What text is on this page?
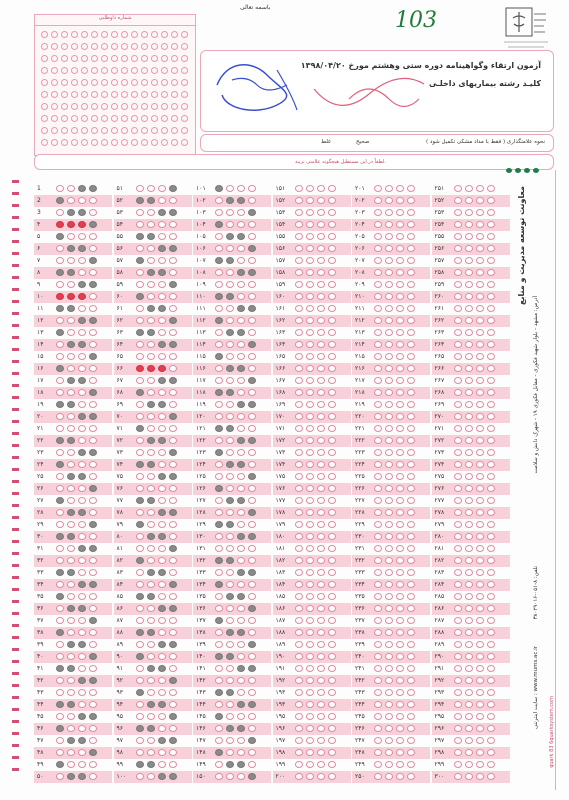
باسمه تعالی
103
شماره داوطلبی
آزمون ارتقاء وگواهینامه دوره ستی وهشتم مورخ ۱۳۹۸/۰۴/۲۰
کلیـد رشته بیماریهای داخلـی
نحوه علامتگذاری ( فقط با مداد مشکی تکمیل شود )
صحیح
غلط
لطفاً در این مستطیل هیچگونه علامتی نزنید.
1
2
3
۴
۵
۶
۷
۸
۹
۱۰
۱۱
۱۲
۱۳
۱۴
۱۵
۱۶
۱۷
۱۸
۱۹
۲۰
۲۱
۲۲
۲۳
۲۴
۲۵
۲۶
۲۷
۲۸
۲۹
۳۰
۳۱
۳۲
۳۳
۳۴
۳۵
۳۶
۳۷
۳۸
۳۹
۴۰
۴۱
۴۲
۴۳
۴۴
۴۵
۴۶
۴۷
۴۸
۴۹
۵۰
۵۱
۵۲
۵۳
۵۴
۵۵
۵۶
۵۷
۵۸
۵۹
۶۰
۶۱
۶۲
۶۳
۶۴
۶۵
۶۶
۶۷
۶۸
۶۹
۷۰
۷۱
۷۲
۷۳
۷۴
۷۵
۷۶
۷۷
۷۸
۷۹
۸۰
۸۱
۸۲
۸۳
۸۴
۸۵
۸۶
۸۷
۸۸
۸۹
۹۰
۹۱
۹۲
۹۳
۹۴
۹۵
۹۶
۹۷
۹۸
۹۹
۱۰۰
۱۰۱
۱۰۲
۱۰۳
۱۰۴
۱۰۵
۱۰۶
۱۰۷
۱۰۸
۱۰۹
۱۱۰
۱۱۱
۱۱۲
۱۱۳
۱۱۴
۱۱۵
۱۱۶
۱۱۷
۱۱۸
۱۱۹
۱۲۰
۱۲۱
۱۲۲
۱۲۳
۱۲۴
۱۲۵
۱۲۶
۱۲۷
۱۲۸
۱۲۹
۱۳۰
۱۳۱
۱۳۲
۱۳۳
۱۳۴
۱۳۵
۱۳۶
۱۳۷
۱۳۸
۱۳۹
۱۴۰
۱۴۱
۱۴۲
۱۴۳
۱۴۴
۱۴۵
۱۴۶
۱۴۷
۱۴۸
۱۴۹
۱۵۰
۱۵۱
۱۵۲
۱۵۳
۱۵۴
۱۵۵
۱۵۶
۱۵۷
۱۵۸
۱۵۹
۱۶۰
۱۶۱
۱۶۲
۱۶۳
۱۶۴
۱۶۵
۱۶۶
۱۶۷
۱۶۸
۱۶۹
۱۷۰
۱۷۱
۱۷۲
۱۷۳
۱۷۴
۱۷۵
۱۷۶
۱۷۷
۱۷۸
۱۷۹
۱۸۰
۱۸۱
۱۸۲
۱۸۳
۱۸۴
۱۸۵
۱۸۶
۱۸۷
۱۸۸
۱۸۹
۱۹۰
۱۹۱
۱۹۲
۱۹۳
۱۹۴
۱۹۵
۱۹۶
۱۹۷
۱۹۸
۱۹۹
۲۰۰
۲۰۱
۲۰۲
۲۰۳
۲۰۴
۲۰۵
۲۰۶
۲۰۷
۲۰۸
۲۰۹
۲۱۰
۲۱۱
۲۱۲
۲۱۳
۲۱۴
۲۱۵
۲۱۶
۲۱۷
۲۱۸
۲۱۹
۲۲۰
۲۲۱
۲۲۲
۲۲۳
۲۲۴
۲۲۵
۲۲۶
۲۲۷
۲۲۸
۲۲۹
۲۳۰
۲۳۱
۲۳۲
۲۳۳
۲۳۴
۲۳۵
۲۳۶
۲۳۷
۲۳۸
۲۳۹
۲۴۰
۲۴۱
۲۴۲
۲۴۳
۲۴۴
۲۴۵
۲۴۶
۲۴۷
۲۴۸
۲۴۹
۲۵۰
۲۵۱
۲۵۲
۲۵۳
۲۵۴
۲۵۵
۲۵۶
۲۵۷
۲۵۸
۲۵۹
۲۶۰
۲۶۱
۲۶۲
۲۶۳
۲۶۴
۲۶۵
۲۶۶
۲۶۷
۲۶۸
۲۶۹
۲۷۰
۲۷۱
۲۷۲
۲۷۳
۲۷۴
۲۷۵
۲۷۶
۲۷۷
۲۷۸
۲۷۹
۲۸۰
۲۸۱
۲۸۲
۲۸۳
۲۸۴
۲۸۵
۲۸۶
۲۸۷
۲۸۸
۲۸۹
۲۹۰
۲۹۱
۲۹۲
۲۹۳
۲۹۴
۲۹۵
۲۹۶
۲۹۷
۲۹۸
۲۹۹
۳۰۰
معاونت توسعه مدیریت و منابع
آدرس: مشهد - بلوار شهید فکوری - مقابل فکوری ۱۹ - شهرک دانش و سلامت
تلفن: ۸-۰۵۱-۳۸۰۲۹۰۱۶
سایت اینترنتی : www.mums.ac.ir
quark 83 6quarksystem.com
